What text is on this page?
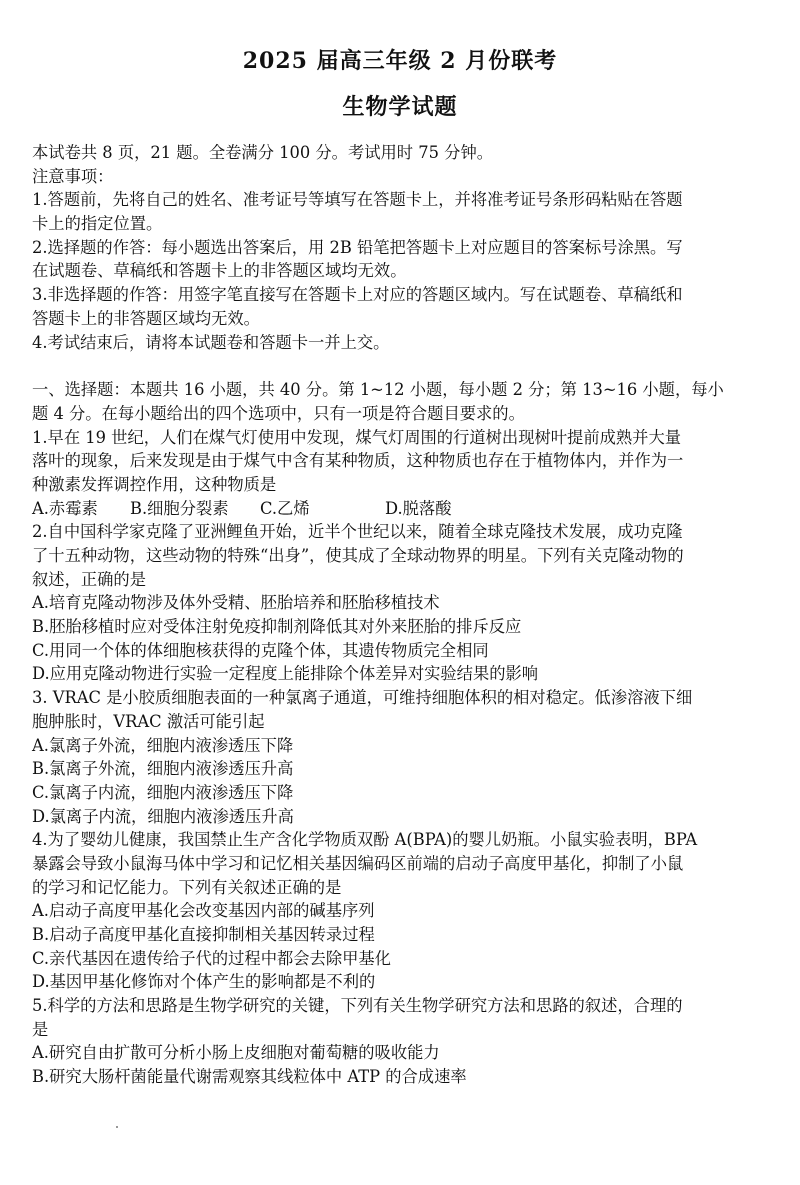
2025 届高三年级 2 月份联考
生物学试题
本试卷共 8 页，21 题。全卷满分 100 分。考试用时 75 分钟。
注意事项：
1.答题前，先将自己的姓名、准考证号等填写在答题卡上，并将准考证号条形码粘贴在答题
卡上的指定位置。
2.选择题的作答：每小题选出答案后，用 2B 铅笔把答题卡上对应题目的答案标号涂黑。写
在试题卷、草稿纸和答题卡上的非答题区域均无效。
3.非选择题的作答：用签字笔直接写在答题卡上对应的答题区域内。写在试题卷、草稿纸和
答题卡上的非答题区域均无效。
4.考试结束后，请将本试题卷和答题卡一并上交。
一、选择题：本题共 16 小题，共 40 分。第 1~12 小题，每小题 2 分；第 13~16 小题，每小
题 4 分。在每小题给出的四个选项中，只有一项是符合题目要求的。
1.早在 19 世纪，人们在煤气灯使用中发现，煤气灯周围的行道树出现树叶提前成熟并大量
落叶的现象，后来发现是由于煤气中含有某种物质，这种物质也存在于植物体内，并作为一
种激素发挥调控作用，这种物质是
A.赤霉素	B.细胞分裂素	C.乙烯	D.脱落酸
2.自中国科学家克隆了亚洲鲤鱼开始，近半个世纪以来，随着全球克隆技术发展，成功克隆
了十五种动物，这些动物的特殊“出身”，使其成了全球动物界的明星。下列有关克隆动物的
叙述，正确的是
A.培育克隆动物涉及体外受精、胚胎培养和胚胎移植技术
B.胚胎移植时应对受体注射免疫抑制剂降低其对外来胚胎的排斥反应
C.用同一个体的体细胞核获得的克隆个体，其遗传物质完全相同
D.应用克隆动物进行实验一定程度上能排除个体差异对实验结果的影响
3. VRAC 是小胶质细胞表面的一种氯离子通道，可维持细胞体积的相对稳定。低渗溶液下细
胞肿胀时，VRAC 激活可能引起
A.氯离子外流，细胞内液渗透压下降
B.氯离子外流，细胞内液渗透压升高
C.氯离子内流，细胞内液渗透压下降
D.氯离子内流，细胞内液渗透压升高
4.为了婴幼儿健康，我国禁止生产含化学物质双酚 A(BPA)的婴儿奶瓶。小鼠实验表明，BPA
暴露会导致小鼠海马体中学习和记忆相关基因编码区前端的启动子高度甲基化，抑制了小鼠
的学习和记忆能力。下列有关叙述正确的是
A.启动子高度甲基化会改变基因内部的碱基序列
B.启动子高度甲基化直接抑制相关基因转录过程
C.亲代基因在遗传给子代的过程中都会去除甲基化
D.基因甲基化修饰对个体产生的影响都是不利的
5.科学的方法和思路是生物学研究的关键，下列有关生物学研究方法和思路的叙述，合理的
是
A.研究自由扩散可分析小肠上皮细胞对葡萄糖的吸收能力
B.研究大肠杆菌能量代谢需观察其线粒体中 ATP 的合成速率
